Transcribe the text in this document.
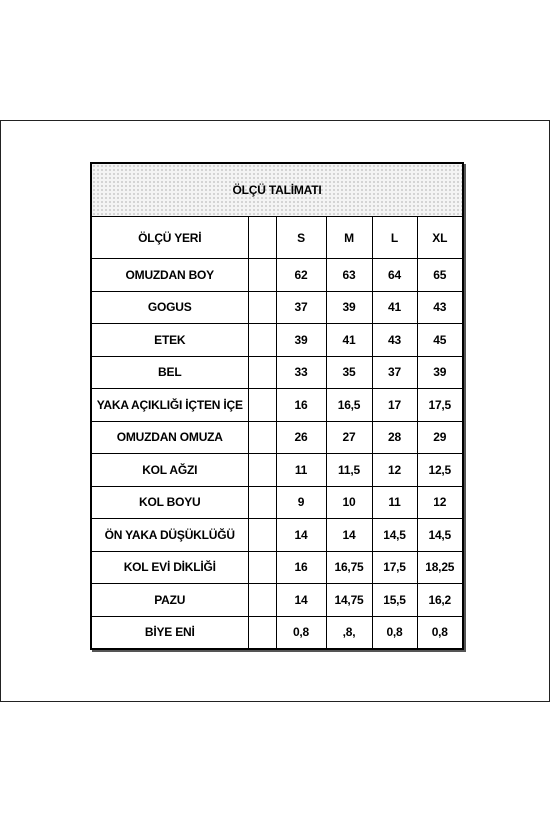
ÖLÇÜ TALİMATI					
ÖLÇÜ YERİ		S	M	L	XL
OMUZDAN BOY		62	63	64	65
GOGUS		37	39	41	43
ETEK		39	41	43	45
BEL		33	35	37	39
YAKA AÇIKLIĞI İÇTEN İÇE		16	16,5	17	17,5
OMUZDAN OMUZA		26	27	28	29
KOL AĞZI		11	11,5	12	12,5
KOL BOYU		9	10	11	12
ÖN YAKA DÜŞÜKLÜĞÜ		14	14	14,5	14,5
KOL EVİ DİKLİĞİ		16	16,75	17,5	18,25
PAZU		14	14,75	15,5	16,2
BİYE ENİ		0,8	,8,	0,8	0,8
